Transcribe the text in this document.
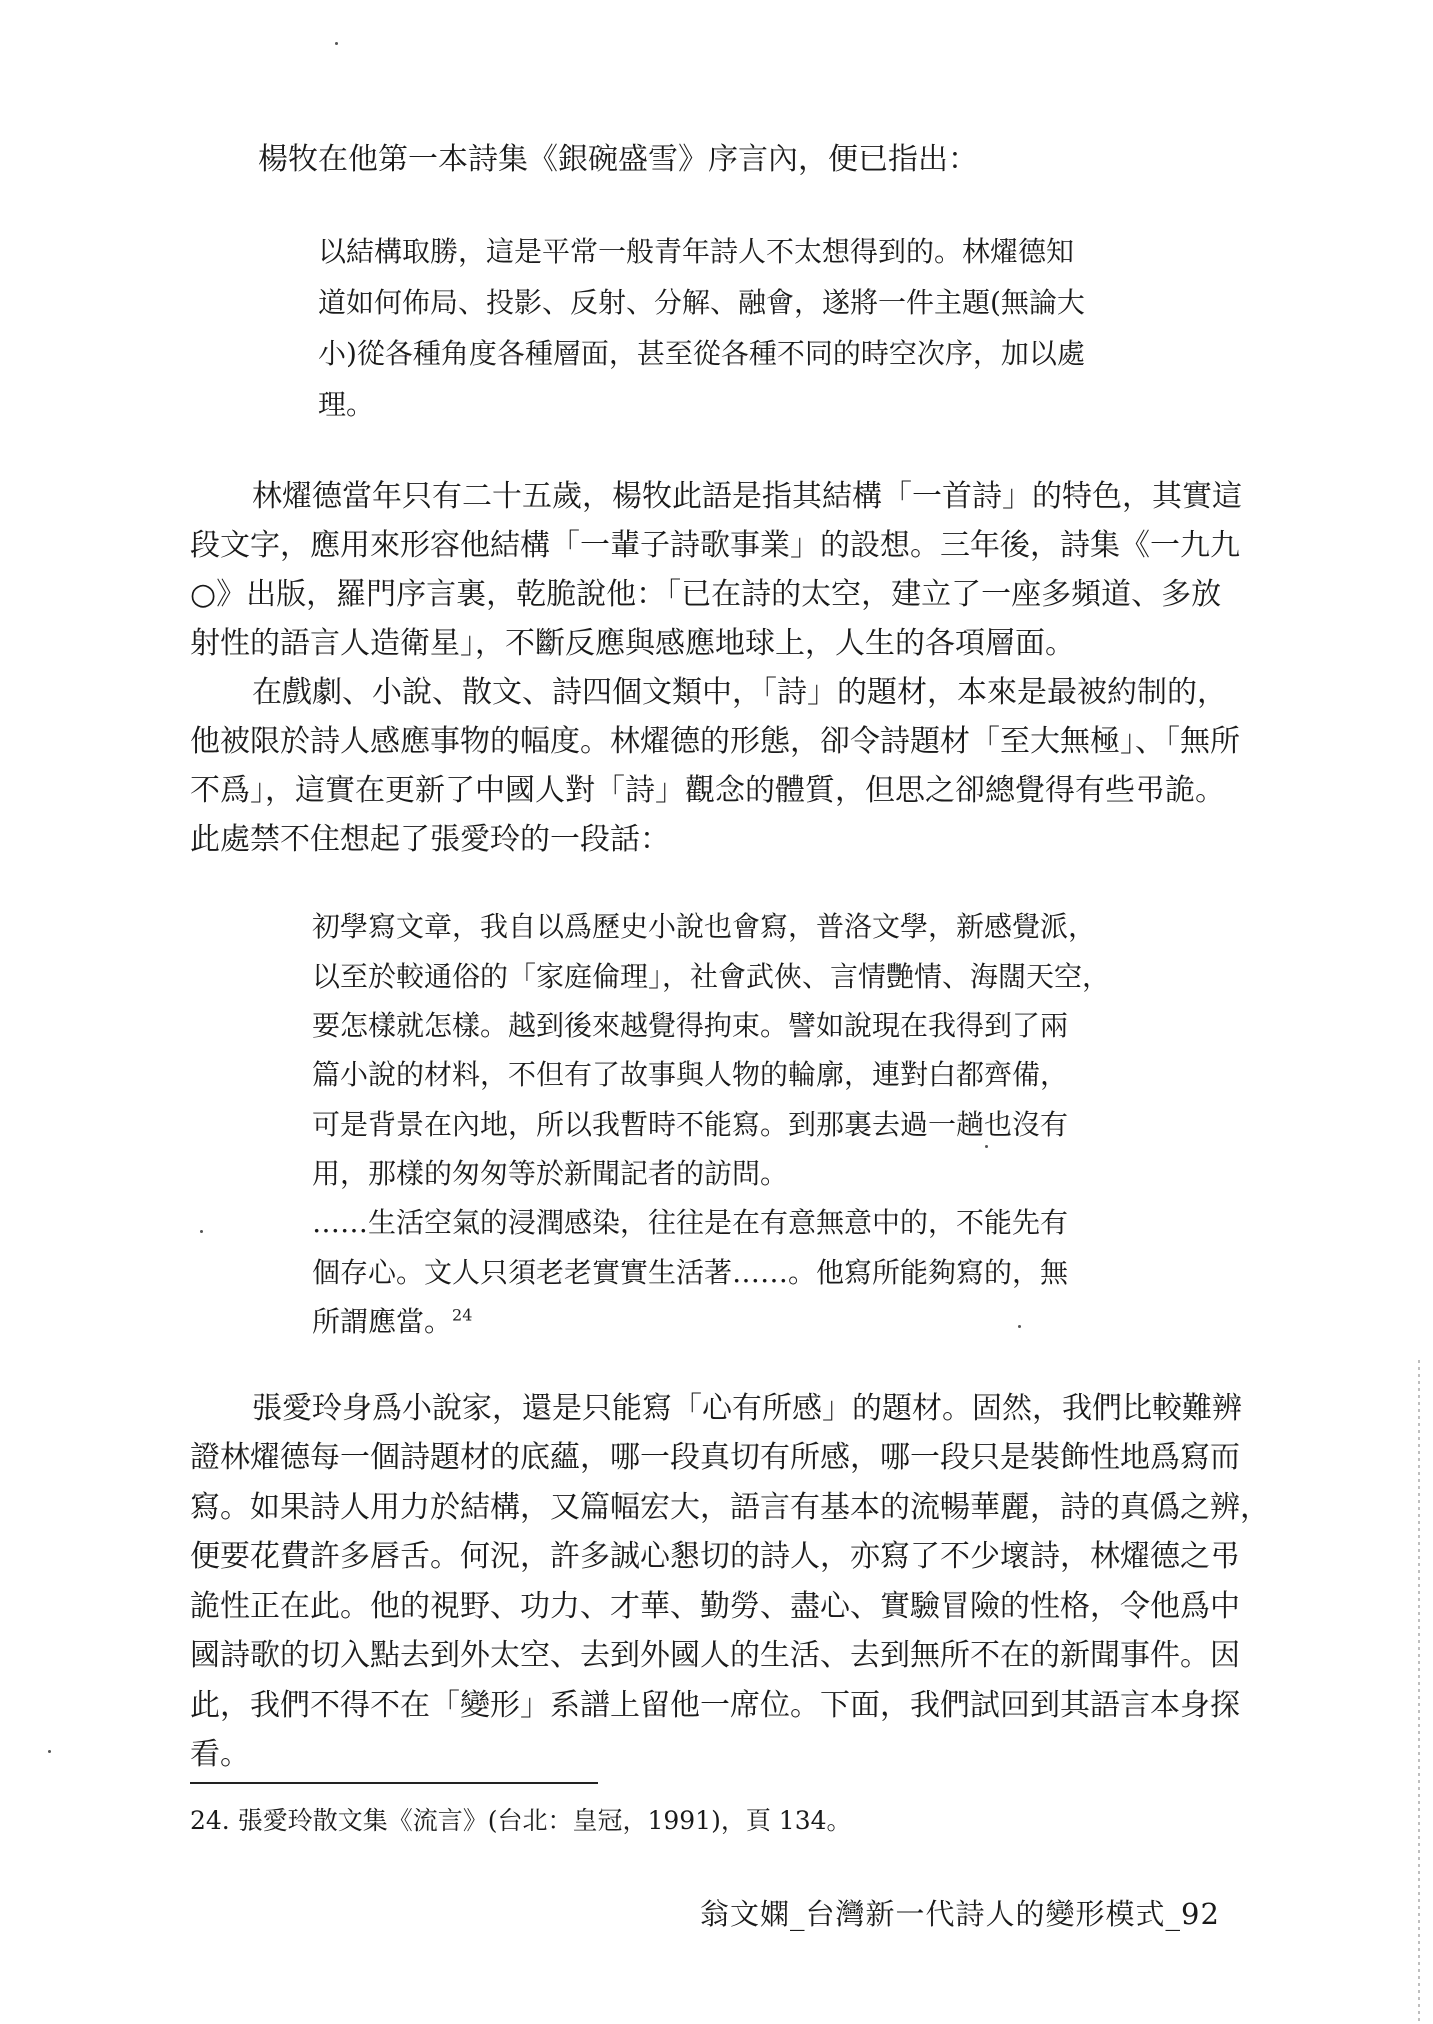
楊牧在他第一本詩集《銀碗盛雪》序言內，便已指出：
以結構取勝，這是平常一般青年詩人不太想得到的。林燿德知
道如何佈局、投影、反射、分解、融會，遂將一件主題(無論大
小)從各種角度各種層面，甚至從各種不同的時空次序，加以處
理。
林燿德當年只有二十五歲，楊牧此語是指其結構「一首詩」的特色，其實這
段文字，應用來形容他結構「一輩子詩歌事業」的設想。三年後，詩集《一九九
○》出版，羅門序言裏，乾脆說他：「已在詩的太空，建立了一座多頻道、多放
射性的語言人造衛星」，不斷反應與感應地球上，人生的各項層面。
在戲劇、小說、散文、詩四個文類中，「詩」的題材，本來是最被約制的，
他被限於詩人感應事物的幅度。林燿德的形態，卻令詩題材「至大無極」、「無所
不爲」，這實在更新了中國人對「詩」觀念的體質，但思之卻總覺得有些弔詭。
此處禁不住想起了張愛玲的一段話：
初學寫文章，我自以爲歷史小說也會寫，普洛文學，新感覺派，
以至於較通俗的「家庭倫理」，社會武俠、言情艷情、海闊天空，
要怎樣就怎樣。越到後來越覺得拘束。譬如說現在我得到了兩
篇小說的材料，不但有了故事與人物的輪廓，連對白都齊備，
可是背景在內地，所以我暫時不能寫。到那裏去過一趟也沒有
用，那樣的匆匆等於新聞記者的訪問。
……生活空氣的浸潤感染，往往是在有意無意中的，不能先有
個存心。文人只須老老實實生活著……。他寫所能夠寫的，無
所謂應當。$^{24}$
張愛玲身爲小說家，還是只能寫「心有所感」的題材。固然，我們比較難辨
證林燿德每一個詩題材的底蘊，哪一段真切有所感，哪一段只是裝飾性地爲寫而
寫。如果詩人用力於結構，又篇幅宏大，語言有基本的流暢華麗，詩的真僞之辨，
便要花費許多唇舌。何況，許多誠心懇切的詩人，亦寫了不少壞詩，林燿德之弔
詭性正在此。他的視野、功力、才華、勤勞、盡心、實驗冒險的性格，令他爲中
國詩歌的切入點去到外太空、去到外國人的生活、去到無所不在的新聞事件。因
此，我們不得不在「變形」系譜上留他一席位。下面，我們試回到其語言本身探
看。
24. 張愛玲散文集《流言》(台北：皇冠，1991)，頁 134。
翁文嫻_台灣新一代詩人的變形模式_92
